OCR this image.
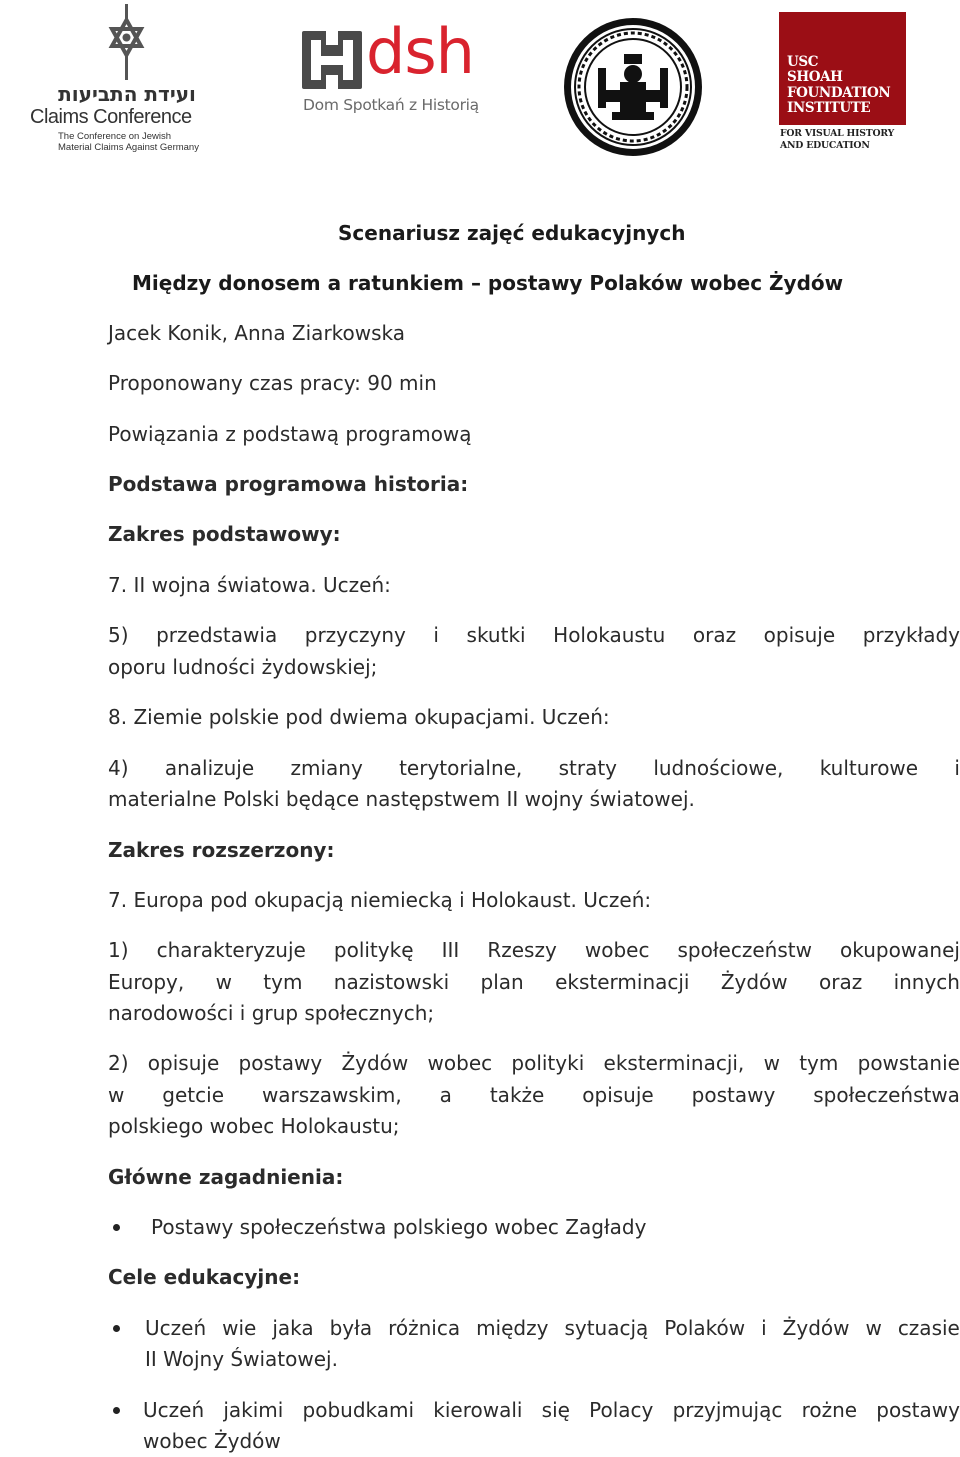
ועידת התביעות
Claims Conference
The Conference on Jewish
Material Claims Against Germany
dsh
Dom Spotkań z Historią
USC
SHOAH
FOUNDATION
INSTITUTE
FOR VISUAL HISTORY
AND EDUCATION
Scenariusz zajęć edukacyjnych
Między donosem a ratunkiem – postawy Polaków wobec Żydów
Jacek Konik, Anna Ziarkowska
Proponowany czas pracy: 90 min
Powiązania z podstawą programową
Podstawa programowa historia:
Zakres podstawowy:
7. II wojna światowa. Uczeń:
5) przedstawia przyczyny i skutki Holokaustu oraz opisuje przykłady
oporu ludności żydowskiej;
8. Ziemie polskie pod dwiema okupacjami. Uczeń:
4) analizuje zmiany terytorialne, straty ludnościowe, kulturowe i
materialne Polski będące następstwem II wojny światowej.
Zakres rozszerzony:
7. Europa pod okupacją niemiecką i Holokaust. Uczeń:
1) charakteryzuje politykę III Rzeszy wobec społeczeństw okupowanej
Europy, w tym nazistowski plan eksterminacji Żydów oraz innych
narodowości i grup społecznych;
2) opisuje postawy Żydów wobec polityki eksterminacji, w tym powstanie
w getcie warszawskim, a także opisuje postawy społeczeństwa
polskiego wobec Holokaustu;
Główne zagadnienia:
Postawy społeczeństwa polskiego wobec Zagłady
Cele edukacyjne:
Uczeń wie jaka była różnica między sytuacją Polaków i Żydów w czasie
II Wojny Światowej.
Uczeń jakimi pobudkami kierowali się Polacy przyjmując rożne postawy
wobec Żydów
